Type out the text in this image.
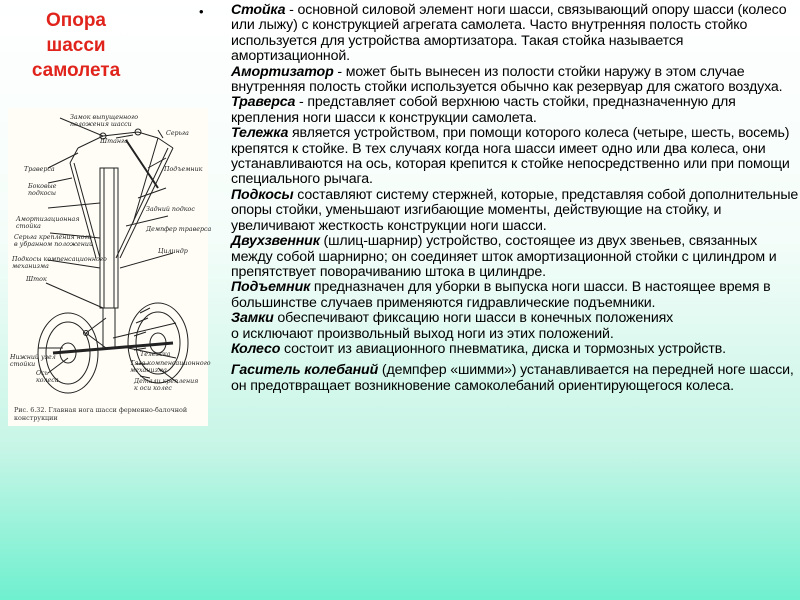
Опора шасси самолета
Замок выпущенного
положения шасси
Штанга
Серьга
Траверса	Подъемник
Боковые
подкосы
Задний подкос
Амортизационная
стойка	Демпфер траверса
Серьга крепления ноги
в убранном положении
Цилиндр
Подкосы компенсационного
механизма
Шток
Нижний узел
стойки
Ось
колеса
Тележка
Тяга компенсационного
механизма
Детали крепления
к оси колес
Рис. 6.32. Главная нога шасси ферменно-балочной конструкции
• Стойка - основной силовой элемент ноги шасси, связывающий опору шасси (колесо или лыжу) с конструкцией агрегата самолета. Часто внутренняя полость стойко используется для устройства амортизатора. Такая стойка называется амортизационной.

Амортизатор - может быть вынесен из полости стойки наружу в этом случае внутренняя полость стойки используется обычно как резервуар для сжатого воздуха.

Траверса - представляет собой верхнюю часть стойки, предназначенную для крепления ноги шасси к конструкции самолета.

Тележка является устройством, при помощи которого колеса (четыре, шесть, восемь) крепятся к стойке. В тех случаях когда нога шасси имеет одно или два колеса, они устанавливаются на ось, которая крепится к стойке непосредственно или при помощи специального рычага.

Подкосы составляют систему стержней, которые, представляя собой дополнительные опоры стойки, уменьшают изгибающие моменты, действующие на стойку, и увеличивают жесткость конструкции ноги шасси.

Двухзвенник (шлиц-шарнир) устройство, состоящее из двух звеньев, связанных между собой шарнирно; он соединяет шток амортизационной стойки с цилиндром и препятствует поворачиванию штока в цилиндре.

Подъемник предназначен для уборки в выпуска ноги шасси. В настоящее время в большинстве случаев применяются гидравлические подъемники.

Замки обеспечивают фиксацию ноги шасси в конечных положениях
о исключают произвольный выход ноги из этих положений.

Колесо состоит из авиационного пневматика, диска и тормозных устройств.

Гаситель колебаний (демпфер «шимми») устанавливается на передней ноге шасси, он предотвращает возникновение самоколебаний ориентирующегося колеса.
